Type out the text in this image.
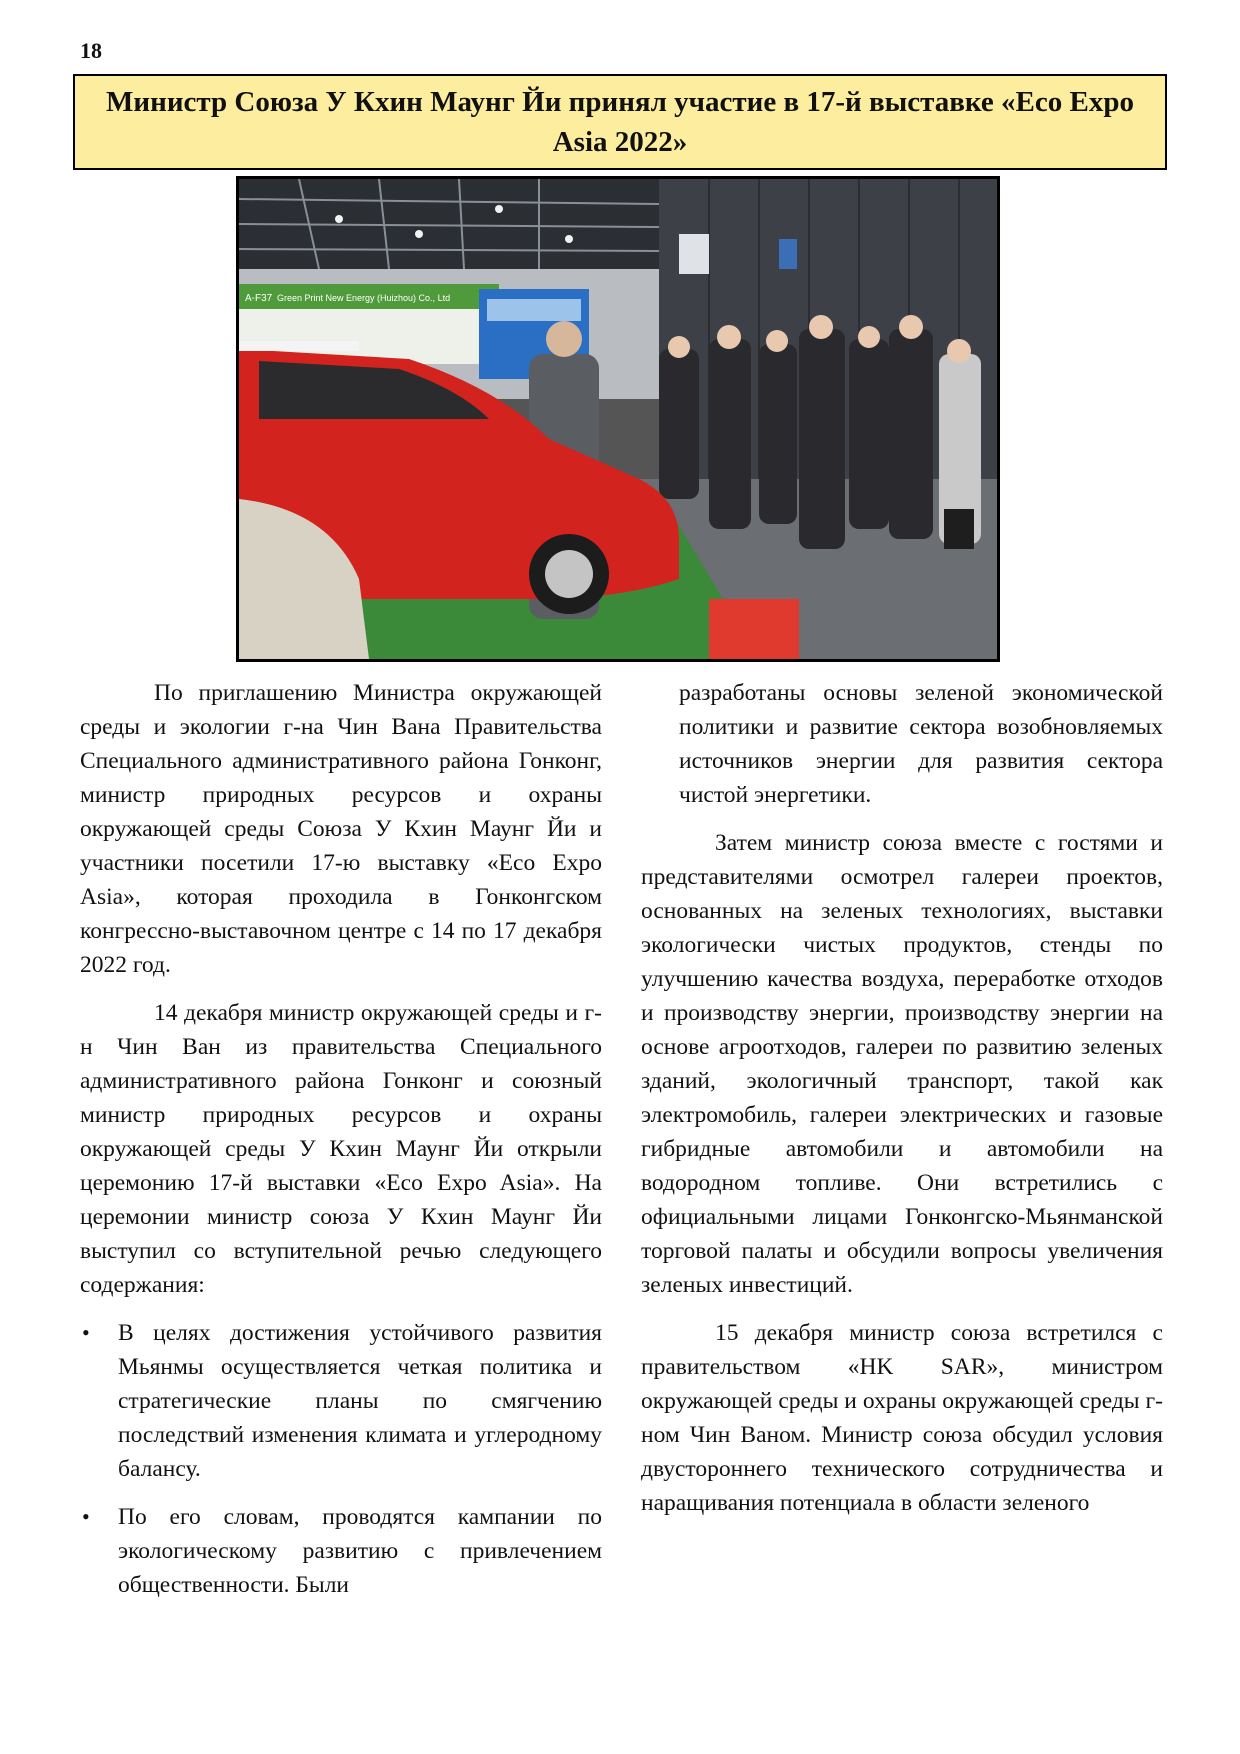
18
Министр Союза У Кхин Маунг Йи принял участие в 17-й выставке «Eco Expo Asia 2022»
A-F37 Green Print New Energy (Huizhou) Co., Ltd

По приглашению Министра окружающей среды и экологии г-на Чин Вана Правительства Специального административного района Гонконг, министр природных ресурсов и охраны окружающей среды Союза У Кхин Маунг Йи и участники посетили 17-ю выставку «Eco Expo Asia», которая проходила в Гонконгском конгрессно-выставочном центре с 14 по 17 декабря 2022 год.

14 декабря министр окружающей среды и г-н Чин Ван из правительства Специального административного района Гонконг и союзный министр природных ресурсов и охраны окружающей среды У Кхин Маунг Йи открыли церемонию 17-й выставки «Eco Expo Asia». На церемонии министр союза У Кхин Маунг Йи выступил со вступительной речью следующего содержания:

• В целях достижения устойчивого развития Мьянмы осуществляется четкая политика и стратегические планы по смягчению последствий изменения климата и углеродному балансу.
• По его словам, проводятся кампании по экологическому развитию с привлечением общественности. Были

разработаны основы зеленой экономической политики и развитие сектора возобновляемых источников энергии для развития сектора чистой энергетики.

Затем министр союза вместе с гостями и представителями осмотрел галереи проектов, основанных на зеленых технологиях, выставки экологически чистых продуктов, стенды по улучшению качества воздуха, переработке отходов и производству энергии, производству энергии на основе агроотходов, галереи по развитию зеленых зданий, экологичный транспорт, такой как электромобиль, галереи электрических и газовые гибридные автомобили и автомобили на водородном топливе. Они встретились с официальными лицами Гонконгско-Мьянманской торговой палаты и обсудили вопросы увеличения зеленых инвестиций.

15 декабря министр союза встретился с правительством «HK SAR», министром окружающей среды и охраны окружающей среды г-ном Чин Ваном. Министр союза обсудил условия двустороннего технического сотрудничества и наращивания потенциала в области зеленого
